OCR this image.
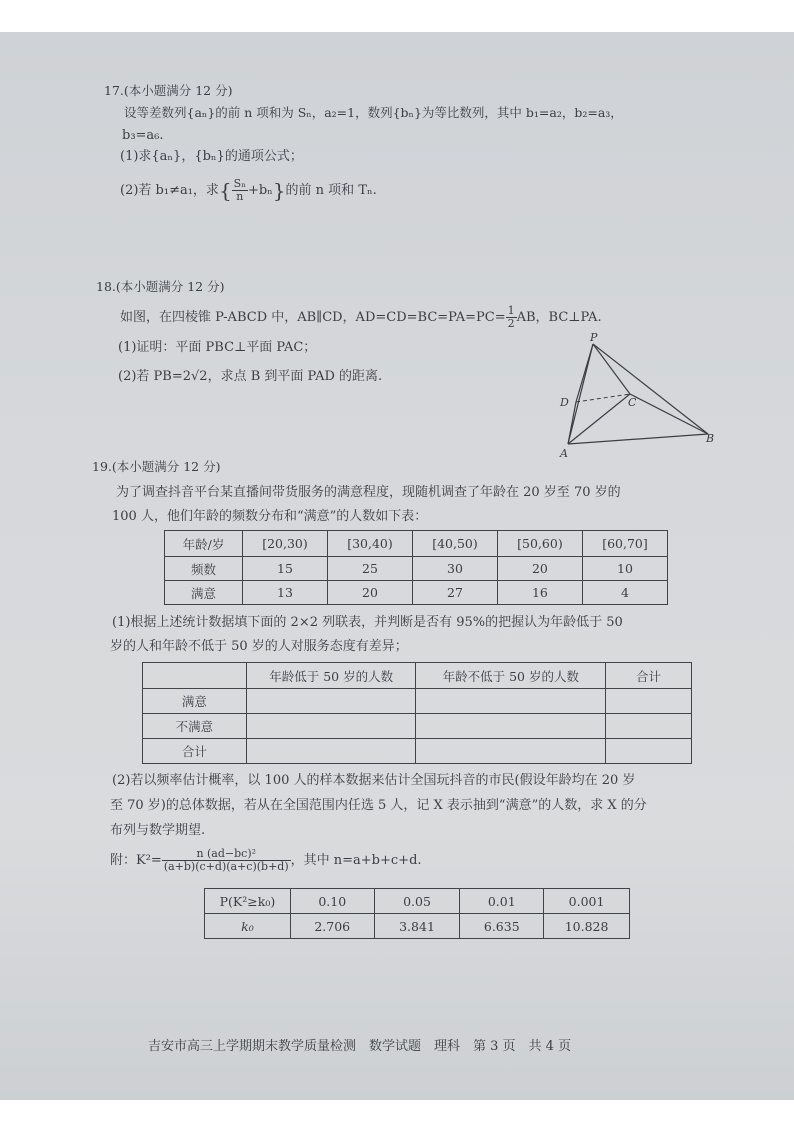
17.(本小题满分 12 分)
设等差数列{aₙ}的前 n 项和为 Sₙ，a₂=1，数列{bₙ}为等比数列，其中 b₁=a₂，b₂=a₃，
b₃=a₆.
(1)求{aₙ}，{bₙ}的通项公式；
(2)若 b₁≠a₁，求{ $\frac{\text{Sₙ}}{n} +b_n$}的前 n 项和 Tₙ.
18.(本小题满分 12 分)
如图，在四棱锥 P-ABCD 中，AB∥CD，$AD=CD=BC=PA=PC= \frac{1}{2}$ AB，BC⊥PA.
(1)证明：平面 PBC⊥平面 PAC；
(2)若 PB=2√2，求点 B 到平面 PAD 的距离.
P
D	C
A
B
19.(本小题满分 12 分)
为了调查抖音平台某直播间带货服务的满意程度，现随机调查了年龄在 20 岁至 70 岁的
100 人，他们年龄的频数分布和“满意”的人数如下表：
年龄/岁	[20,30)	[30,40)	[40,50)	[50,60)	[60,70]
频数	15	25	30	20	10
满意	13	20	27	16	4
(1)根据上述统计数据填下面的 2×2 列联表，并判断是否有 95%的把握认为年龄低于 50
岁的人和年龄不低于 50 岁的人对服务态度有差异；
	年龄低于 50 岁的人数	年龄不低于 50 岁的人数	合计
满意			
不满意			
合计			
(2)若以频率估计概率，以 100 人的样本数据来估计全国玩抖音的市民(假设年龄均在 20 岁
至 70 岁)的总体数据，若从在全国范围内任选 5 人，记 X 表示抽到“满意”的人数，求 X 的分
布列与数学期望.
附：$K^2= \frac{\text{n (ad−bc)²}}{(a+b)(c+d)(a+c)(b+d)}$ ，其中 n=a+b+c+d.
P(K²≥k₀)	0.10	0.05	0.01	0.001
k₀	2.706	3.841	6.635	10.828
吉安市高三上学期期末教学质量检测　数学试题　理科　第 3 页　共 4 页
